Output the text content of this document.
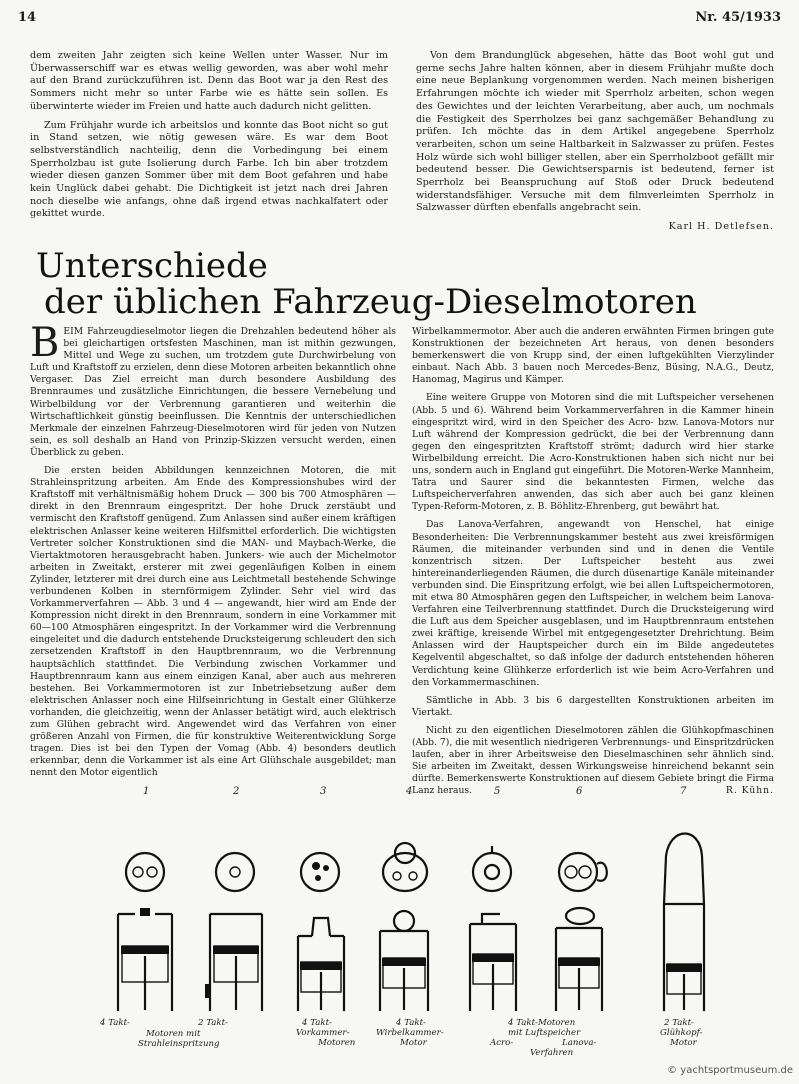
14	Nr. 45/1933

dem zweiten Jahr zeigten sich keine Wellen unter Wasser. Nur im Überwasserschiff war es etwas wellig geworden, was aber wohl mehr auf den Brand zurückzuführen ist. Denn das Boot war ja den Rest des Sommers nicht mehr so unter Farbe wie es hätte sein sollen. Es überwinterte wieder im Freien und hatte auch dadurch nicht gelitten.

Zum Frühjahr wurde ich arbeitslos und konnte das Boot nicht so gut in Stand setzen, wie nötig gewesen wäre. Es war dem Boot selbstverständlich nachteilig, denn die Vorbedingung bei einem Sperrholzbau ist gute Isolierung durch Farbe. Ich bin aber trotzdem wieder diesen ganzen Sommer über mit dem Boot gefahren und habe kein Unglück dabei gehabt. Die Dichtigkeit ist jetzt nach drei Jahren noch dieselbe wie anfangs, ohne daß irgend etwas nachkalfatert oder gekittet wurde.

Von dem Brandunglück abgesehen, hätte das Boot wohl gut und gerne sechs Jahre halten können, aber in diesem Frühjahr mußte doch eine neue Beplankung vorgenommen werden. Nach meinen bisherigen Erfahrungen möchte ich wieder mit Sperrholz arbeiten, schon wegen des Gewichtes und der leichten Verarbeitung, aber auch, um nochmals die Festigkeit des Sperrholzes bei ganz sachgemäßer Behandlung zu prüfen. Ich möchte das in dem Artikel angegebene Sperrholz verarbeiten, schon um seine Haltbarkeit in Salzwasser zu prüfen. Festes Holz würde sich wohl billiger stellen, aber ein Sperrholzboot gefällt mir bedeutend besser. Die Gewichtsersparnis ist bedeutend, ferner ist Sperrholz bei Beanspruchung auf Stoß oder Druck bedeutend widerstandsfähiger. Versuche mit dem filmverleimten Sperrholz in Salzwasser dürften ebenfalls angebracht sein.

Karl H. Detlefsen.
Unterschiede
der üblichen Fahrzeug-Dieselmotoren

BEIM Fahrzeugdieselmotor liegen die Drehzahlen bedeutend höher als bei gleichartigen ortsfesten Maschinen, man ist mithin gezwungen, Mittel und Wege zu suchen, um trotzdem gute Durchwirbelung von Luft und Kraftstoff zu erzielen, denn diese Motoren arbeiten bekanntlich ohne Vergaser. Das Ziel erreicht man durch besondere Ausbildung des Brennraumes und zusätzliche Einrichtungen, die bessere Vernebelung und Wirbelbildung vor der Verbrennung garantieren und weiterhin die Wirtschaftlichkeit günstig beeinflussen. Die Kenntnis der unterschiedlichen Merkmale der einzelnen Fahrzeug-Dieselmotoren wird für jeden von Nutzen sein, es soll deshalb an Hand von Prinzip-Skizzen versucht werden, einen Überblick zu geben.

Die ersten beiden Abbildungen kennzeichnen Motoren, die mit Strahleinspritzung arbeiten. Am Ende des Kompressionshubes wird der Kraftstoff mit verhältnismäßig hohem Druck — 300 bis 700 Atmosphären — direkt in den Brennraum eingespritzt. Der hohe Druck zerstäubt und vermischt den Kraftstoff genügend. Zum Anlassen sind außer einem kräftigen elektrischen Anlasser keine weiteren Hilfsmittel erforderlich. Die wichtigsten Vertreter solcher Konstruktionen sind die MAN- und Maybach-Werke, die Viertaktmotoren herausgebracht haben. Junkers- wie auch der Michelmotor arbeiten in Zweitakt, ersterer mit zwei gegenläufigen Kolben in einem Zylinder, letzterer mit drei durch eine aus Leichtmetall bestehende Schwinge verbundenen Kolben in sternförmigem Zylinder. Sehr viel wird das Vorkammerverfahren — Abb. 3 und 4 — angewandt, hier wird am Ende der Kompression nicht direkt in den Brennraum, sondern in eine Vorkammer mit 60—100 Atmosphären eingespritzt. In der Vorkammer wird die Verbrennung eingeleitet und die dadurch entstehende Drucksteigerung schleudert den sich zersetzenden Kraftstoff in den Hauptbrennraum, wo die Verbrennung hauptsächlich stattfindet. Die Verbindung zwischen Vorkammer und Hauptbrennraum kann aus einem einzigen Kanal, aber auch aus mehreren bestehen. Bei Vorkammermotoren ist zur Inbetriebsetzung außer dem elektrischen Anlasser noch eine Hilfseinrichtung in Gestalt einer Glühkerze vorhanden, die gleichzeitig, wenn der Anlasser betätigt wird, auch elektrisch zum Glühen gebracht wird. Angewendet wird das Verfahren von einer größeren Anzahl von Firmen, die für konstruktive Weiterentwicklung Sorge tragen. Dies ist bei den Typen der Vomag (Abb. 4) besonders deutlich erkennbar, denn die Vorkammer ist als eine Art Glühschale ausgebildet; man nennt den Motor eigentlich

Wirbelkammermotor. Aber auch die anderen erwähnten Firmen bringen gute Konstruktionen der bezeichneten Art heraus, von denen besonders bemerkenswert die von Krupp sind, der einen luftgekühlten Vierzylinder einbaut. Nach Abb. 3 bauen noch Mercedes-Benz, Büsing, N.A.G., Deutz, Hanomag, Magirus und Kämper.

Eine weitere Gruppe von Motoren sind die mit Luftspeicher versehenen (Abb. 5 und 6). Während beim Vorkammerverfahren in die Kammer hinein eingespritzt wird, wird in den Speicher des Acro- bzw. Lanova-Motors nur Luft während der Kompression gedrückt, die bei der Verbrennung dann gegen den eingespritzten Kraftstoff strömt; dadurch wird hier starke Wirbelbildung erreicht. Die Acro-Konstruktionen haben sich nicht nur bei uns, sondern auch in England gut eingeführt. Die Motoren-Werke Mannheim, Tatra und Saurer sind die bekanntesten Firmen, welche das Luftspeicherverfahren anwenden, das sich aber auch bei ganz kleinen Typen-Reform-Motoren, z. B. Böhlitz-Ehrenberg, gut bewährt hat.

Das Lanova-Verfahren, angewandt von Henschel, hat einige Besonderheiten: Die Verbrennungskammer besteht aus zwei kreisförmigen Räumen, die miteinander verbunden sind und in denen die Ventile konzentrisch sitzen. Der Luftspeicher besteht aus zwei hintereinanderliegenden Räumen, die durch düsenartige Kanäle miteinander verbunden sind. Die Einspritzung erfolgt, wie bei allen Luftspeichermotoren, mit etwa 80 Atmosphären gegen den Luftspeicher, in welchem beim Lanova-Verfahren eine Teilverbrennung stattfindet. Durch die Drucksteigerung wird die Luft aus dem Speicher ausgeblasen, und im Hauptbrennraum entstehen zwei kräftige, kreisende Wirbel mit entgegengesetzter Drehrichtung. Beim Anlassen wird der Hauptspeicher durch ein im Bilde angedeutetes Kegelventil abgeschaltet, so daß infolge der dadurch entstehenden höheren Verdichtung keine Glühkerze erforderlich ist wie beim Acro-Verfahren und den Vorkammermaschinen.

Sämtliche in Abb. 3 bis 6 dargestellten Konstruktionen arbeiten im Viertakt.

Nicht zu den eigentlichen Dieselmotoren zählen die Glühkopfmaschinen (Abb. 7), die mit wesentlich niedrigeren Verbrennungs- und Einspritzdrücken laufen, aber in ihrer Arbeitsweise den Dieselmaschinen sehr ähnlich sind. Sie arbeiten im Zweitakt, dessen Wirkungsweise hinreichend bekannt sein dürfte. Bemerkenswerte Konstruktionen auf diesem Gebiete bringt die Firma Lanz heraus.	R. Kühn.

1	2	3	4	5	6	7
4 Takt-	2 Takt-
Motoren mit
Strahleinspritzung
4 Takt-
Vorkammer-
Motoren
4 Takt-
Wirbelkammer-
Motor
4 Takt-Motoren
mit Luftspeicher
Acro-	Lanova-
Verfahren
2 Takt-
Glühkopf-
Motor
© yachtsportmuseum.de
